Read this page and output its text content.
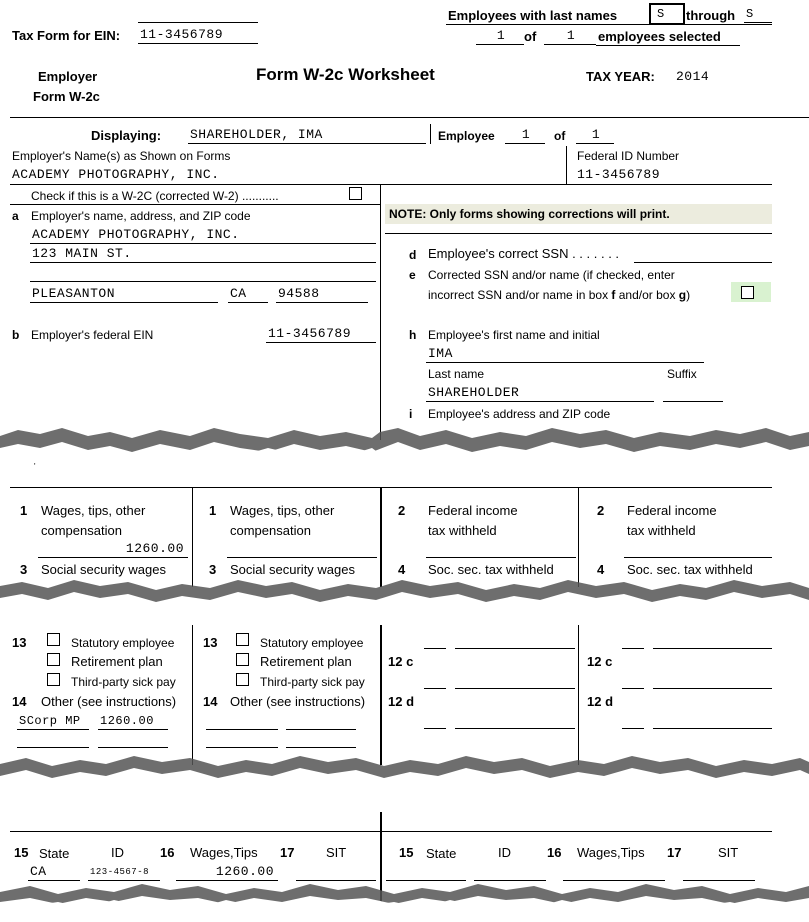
Tax Form for EIN: 11-3456789
Employees with last names	S	through S
1	of	1	employees selected
Employer
Form W-2c
Form W-2c Worksheet	TAX YEAR: 2014
Displaying: SHAREHOLDER, IMA	Employee	1	of	1
Employer's Name(s) as Shown on Forms
ACADEMY PHOTOGRAPHY, INC.
Federal ID Number
11-3456789
Check if this is a W-2C (corrected W-2) ...........
a Employer's name, address, and ZIP code
ACADEMY PHOTOGRAPHY, INC.
123 MAIN ST.
PLEASANTON	CA	94588
b Employer's federal EIN	11-3456789
NOTE: Only forms showing corrections will print.
d Employee's correct SSN . . . . . . .
e Corrected SSN and/or name (if checked, enter
incorrect SSN and/or name in box f and/or box g)
h Employee's first name and initial
IMA
Last name	Suffix
SHAREHOLDER
i Employee's address and ZIP code
'
1 Wages, tips, other
compensation
1260.00
3 Social security wages
1 Wages, tips, other
compensation
3 Social security wages
2 Federal income
tax withheld
4 Soc. sec. tax withheld
2 Federal income
tax withheld
4 Soc. sec. tax withheld
13	Statutory employee
Retirement plan
Third-party sick pay
14 Other (see instructions)
SCorp MP	1260.00
13	Statutory employee
Retirement plan
Third-party sick pay
14 Other (see instructions)
12 c
12 d
12 c
12 d
15 State	ID	16 Wages,Tips 17 SIT
CA	123-4567-8	1260.00
15 State	ID	16 Wages,Tips 17	SIT
